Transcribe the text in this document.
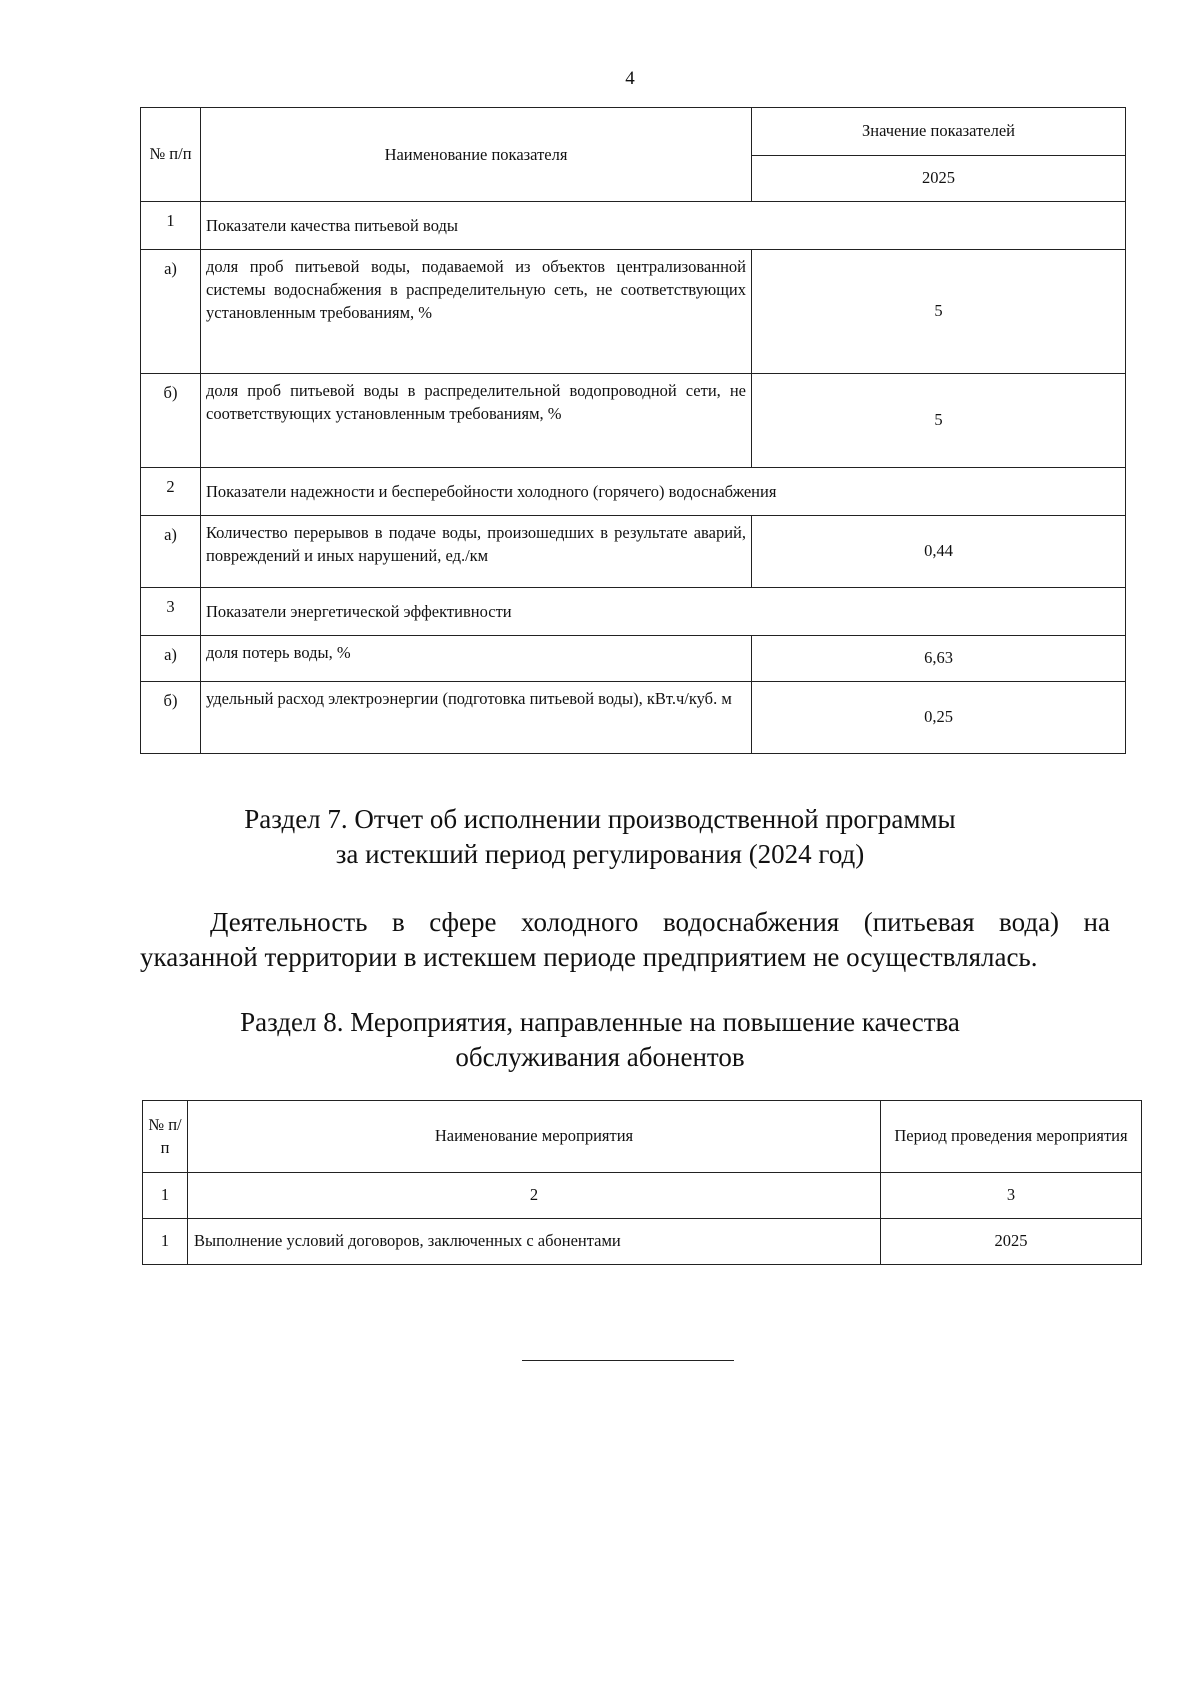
4
№ п/п	Наименование показателя	Значение показателей
		2025
1	Показатели качества питьевой воды	
а)	доля проб питьевой воды, подаваемой из объектов централизованной системы водоснабжения в распределительную сеть, не соответствующих установленным требованиям, %	5
б)	доля проб питьевой воды в распределительной водопроводной сети, не соответствующих установленным требованиям, %	5
2	Показатели надежности и бесперебойности холодного (горячего) водоснабжения	
а)	Количество перерывов в подаче воды, произошедших в результате аварий, повреждений и иных нарушений, ед./км	0,44
3	Показатели энергетической эффективности	
а)	доля потерь воды, %	6,63
б)	удельный расход электроэнергии (подготовка питьевой воды), кВт.ч/куб. м	0,25
Раздел 7. Отчет об исполнении производственной программы
за истекший период регулирования (2024 год)
Деятельность в сфере холодного водоснабжения (питьевая вода) на указанной территории в истекшем периоде предприятием не осуществлялась.
Раздел 8. Мероприятия, направленные на повышение качества
обслуживания абонентов
№ п/п	Наименование мероприятия	Период проведения мероприятия
1	2	3
1	Выполнение условий договоров, заключенных с абонентами	2025
